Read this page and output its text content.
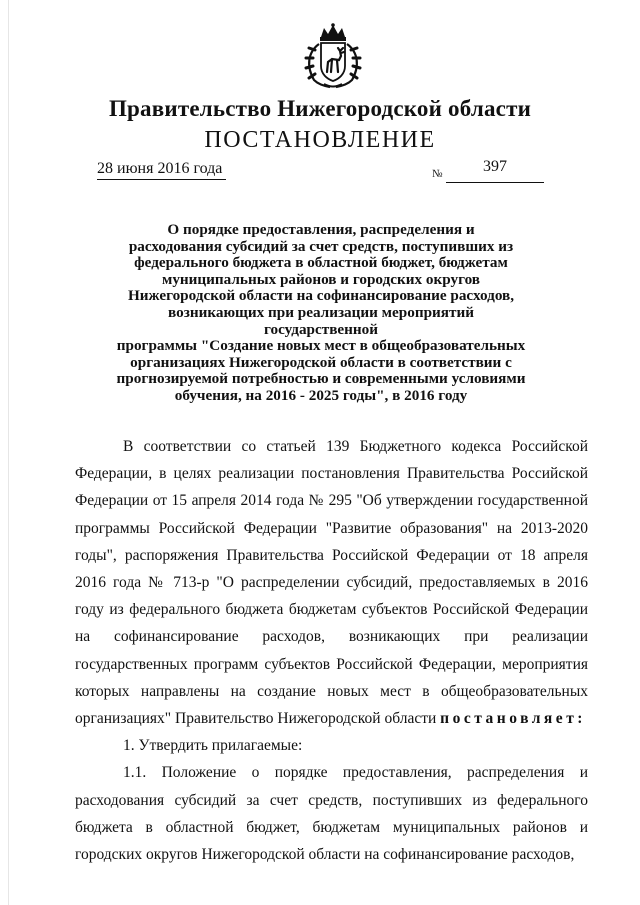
Правительство Нижегородской области
ПОСТАНОВЛЕНИЕ
28 июня 2016 года	№	397
О порядке предоставления, распределения и
расходования субсидий за счет средств, поступивших из
федерального бюджета в областной бюджет, бюджетам
муниципальных районов и городских округов
Нижегородской области на софинансирование расходов,
возникающих при реализации мероприятий государственной
программы "Создание новых мест в общеобразовательных
организациях Нижегородской области в соответствии с
прогнозируемой потребностью и современными условиями
обучения, на 2016 - 2025 годы", в 2016 году

В соответствии со статьей 139 Бюджетного кодекса Российской Федерации, в целях реализации постановления Правительства Российской Федерации от 15 апреля 2014 года № 295 "Об утверждении государственной программы Российской Федерации "Развитие образования" на 2013-2020 годы", распоряжения Правительства Российской Федерации от 18 апреля 2016 года № 713-р "О распределении субсидий, предоставляемых в 2016 году из федерального бюджета бюджетам субъектов Российской Федерации на софинансирование расходов, возникающих при реализации государственных программ субъектов Российской Федерации, мероприятия которых направлены на создание новых мест в общеобразовательных организациях" Правительство Нижегородской области постановляет:

1. Утвердить прилагаемые:

1.1. Положение о порядке предоставления, распределения и расходования субсидий за счет средств, поступивших из федерального бюджета в областной бюджет, бюджетам муниципальных районов и городских округов Нижегородской области на софинансирование расходов,
